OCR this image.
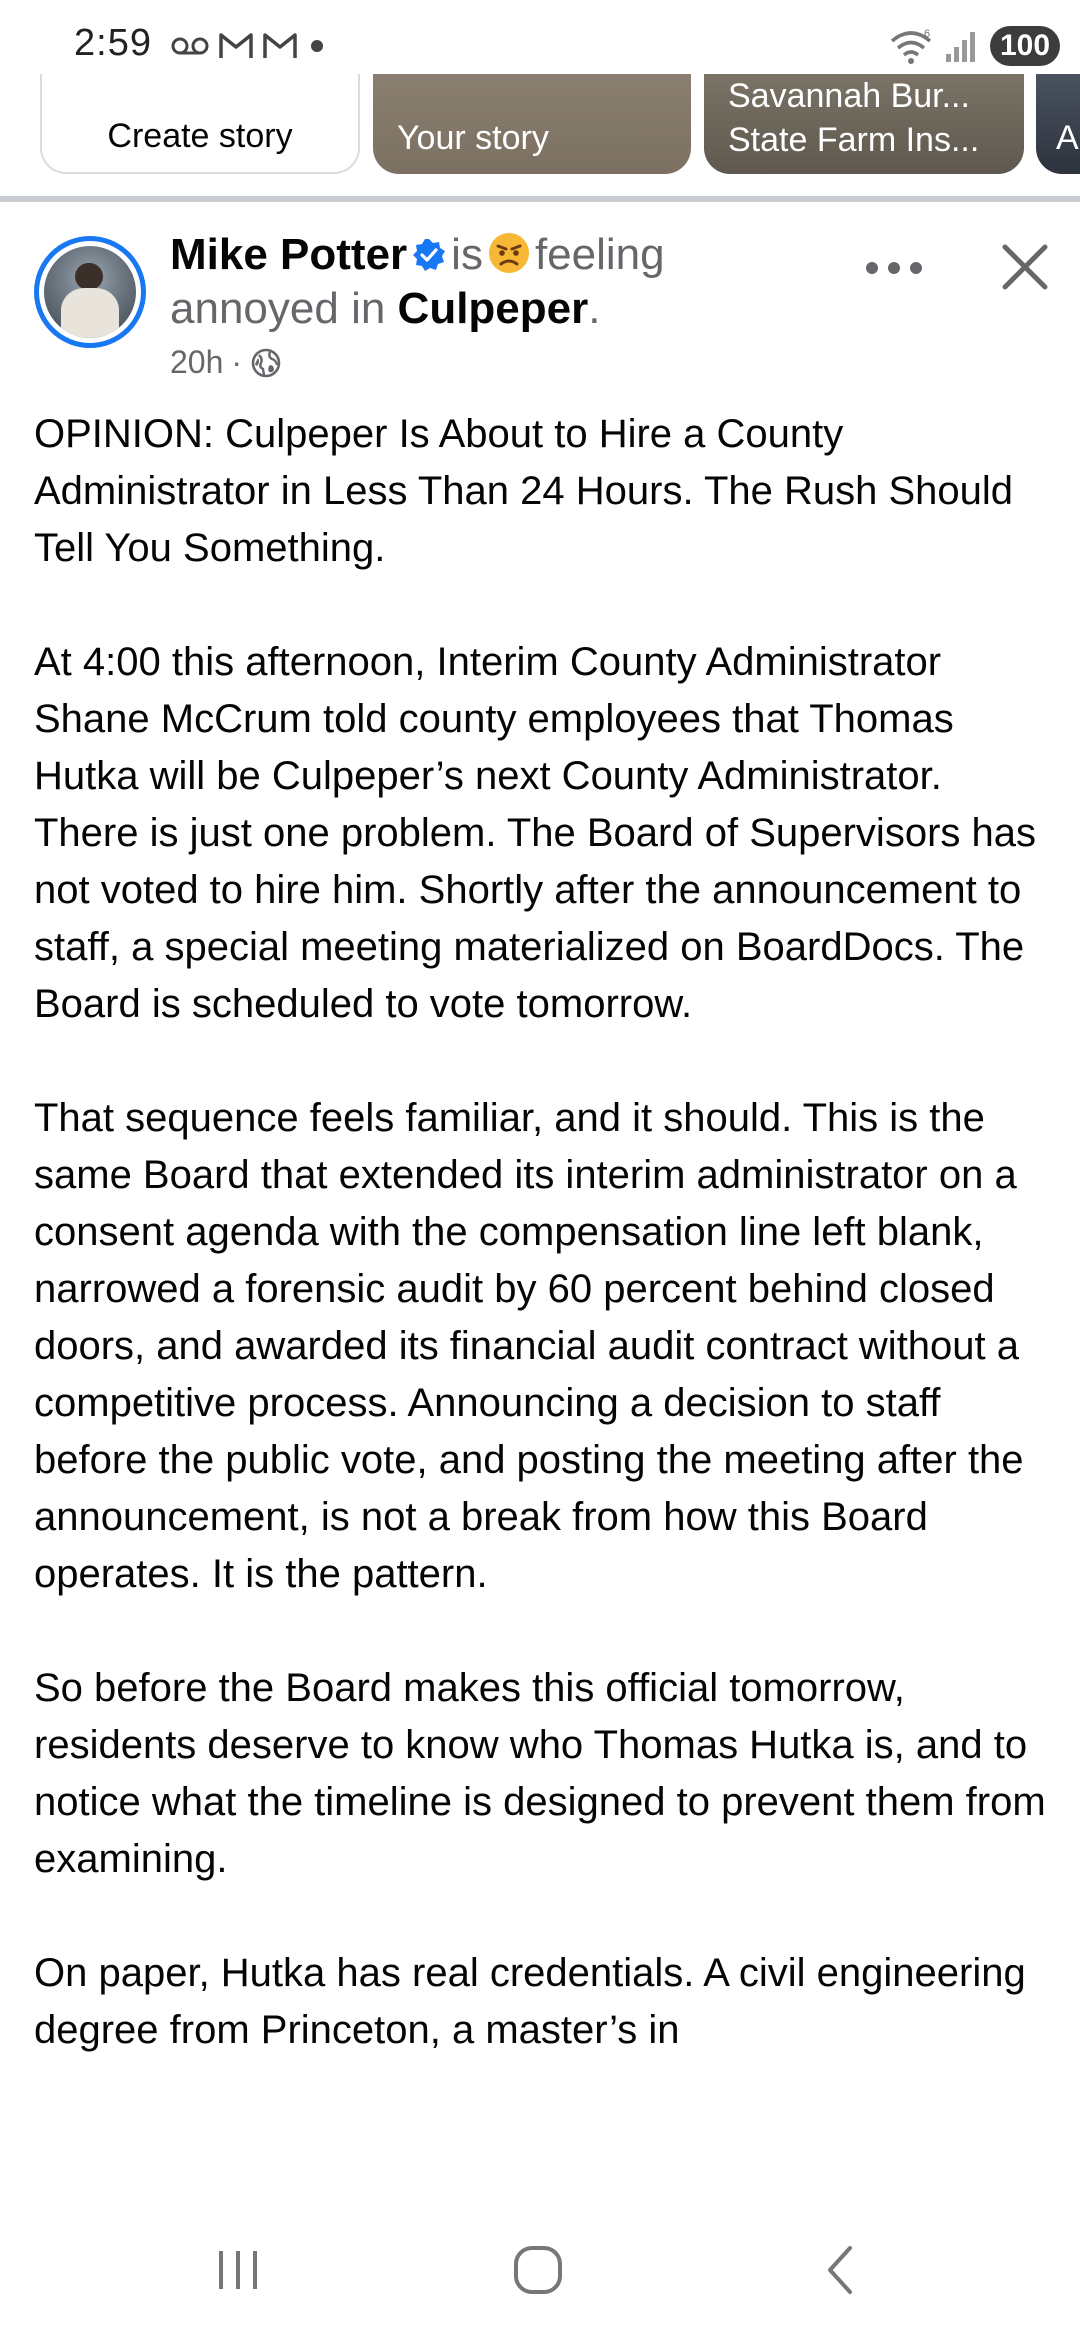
2:59	6	100
Create story	Your story
Savannah Bur...
State Farm Ins...	A
Mike Potter is feeling
annoyed in Culpeper.
20h ·

OPINION: Culpeper Is About to Hire a County Administrator in Less Than 24 Hours. The Rush Should Tell You Something.

At 4:00 this afternoon, Interim County Administrator Shane McCrum told county employees that Thomas Hutka will be Culpeper’s next County Administrator.

There is just one problem. The Board of Supervisors has not voted to hire him. Shortly after the announcement to staff, a special meeting materialized on BoardDocs. The Board is scheduled to vote tomorrow.

That sequence feels familiar, and it should. This is the same Board that extended its interim administrator on a consent agenda with the compensation line left blank, narrowed a forensic audit by 60 percent behind closed doors, and awarded its financial audit contract without a competitive process. Announcing a decision to staff before the public vote, and posting the meeting after the announcement, is not a break from how this Board operates. It is the pattern.

So before the Board makes this official tomorrow, residents deserve to know who Thomas Hutka is, and to notice what the timeline is designed to prevent them from examining.

On paper, Hutka has real credentials. A civil engineering degree from Princeton, a master’s in
